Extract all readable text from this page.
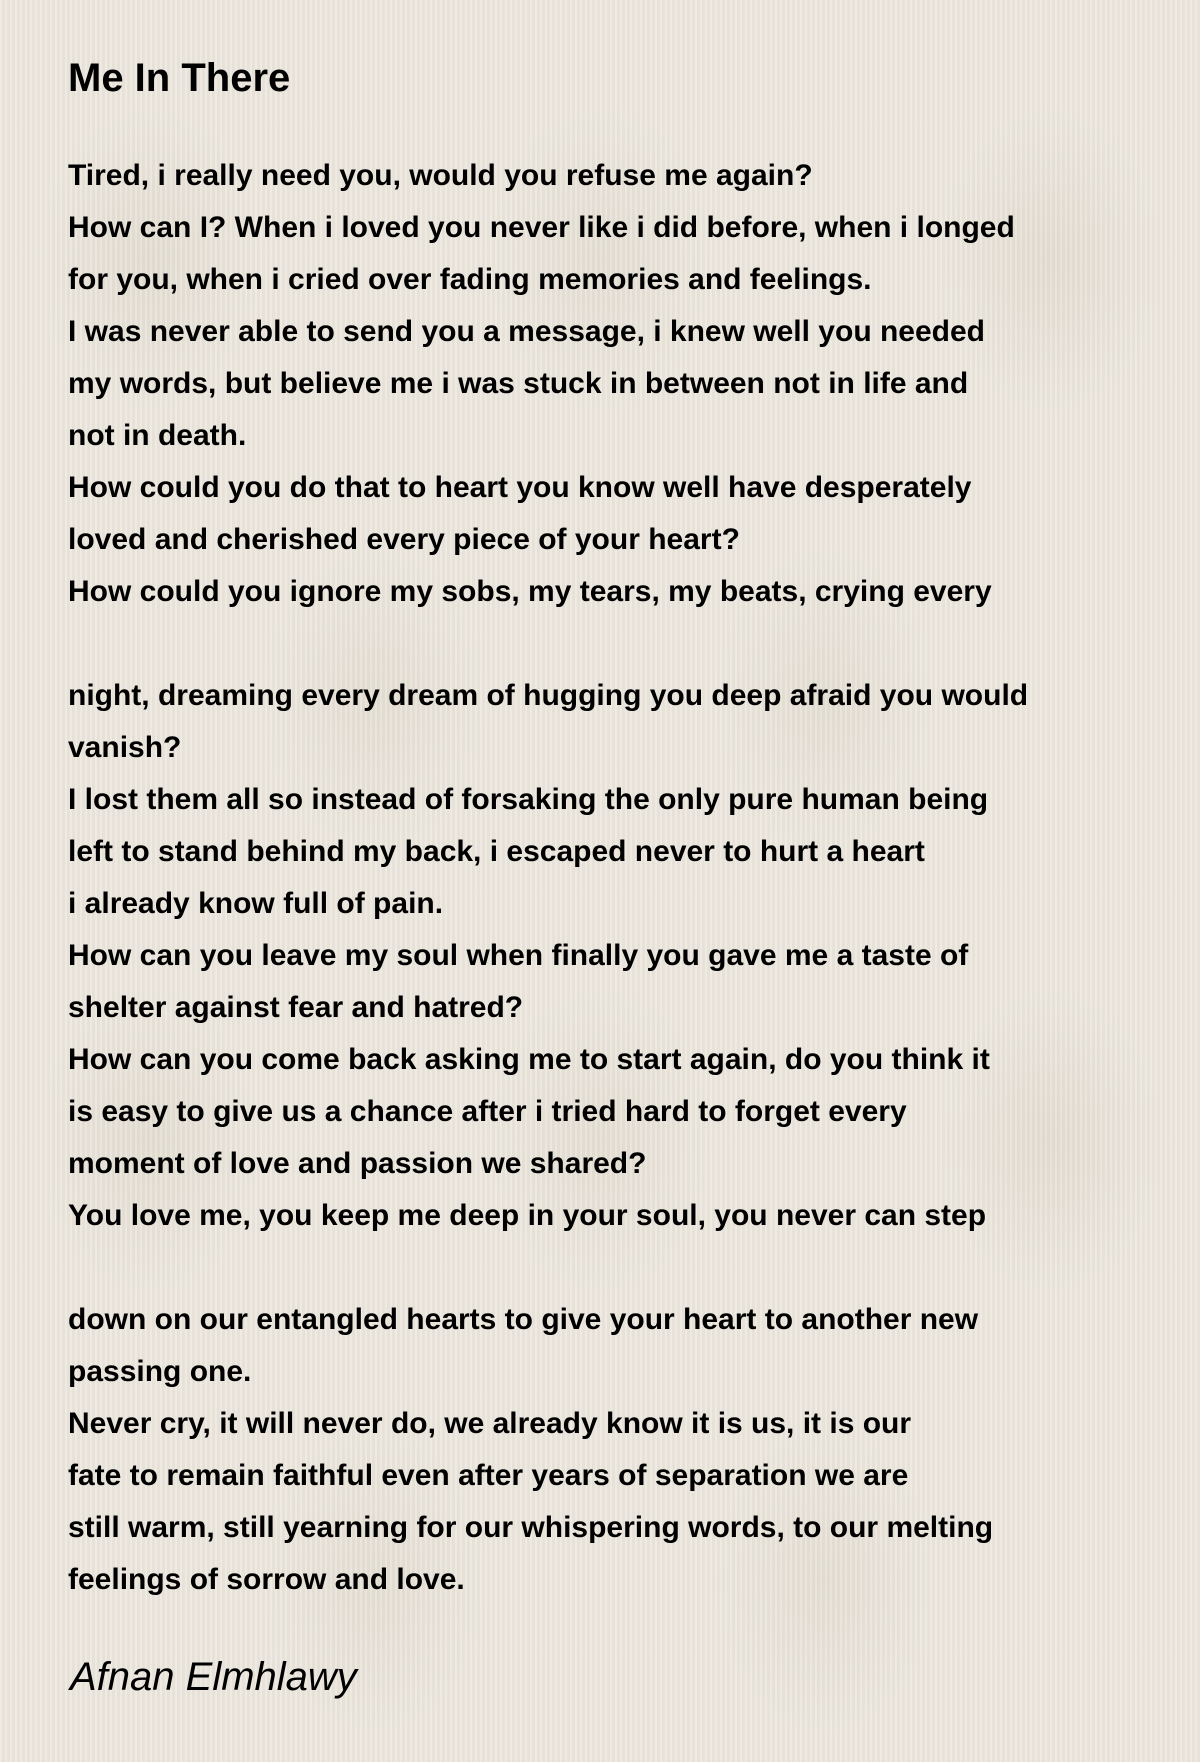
Me In There
Tired, i really need you, would you refuse me again?
How can I? When i loved you never like i did before, when i longed
for you, when i cried over fading memories and feelings.
I was never able to send you a message, i knew well you needed
my words, but believe me i was stuck in between not in life and
not in death.
How could you do that to heart you know well have desperately
loved and cherished every piece of your heart?
How could you ignore my sobs, my tears, my beats, crying every
night, dreaming every dream of hugging you deep afraid you would
vanish?
I lost them all so instead of forsaking the only pure human being
left to stand behind my back, i escaped never to hurt a heart
i already know full of pain.
How can you leave my soul when finally you gave me a taste of
shelter against fear and hatred?
How can you come back asking me to start again, do you think it
is easy to give us a chance after i tried hard to forget every
moment of love and passion we shared?
You love me, you keep me deep in your soul, you never can step
down on our entangled hearts to give your heart to another new
passing one.
Never cry, it will never do, we already know it is us, it is our
fate to remain faithful even after years of separation we are
still warm, still yearning for our whispering words, to our melting
feelings of sorrow and love.
Afnan Elmhlawy
